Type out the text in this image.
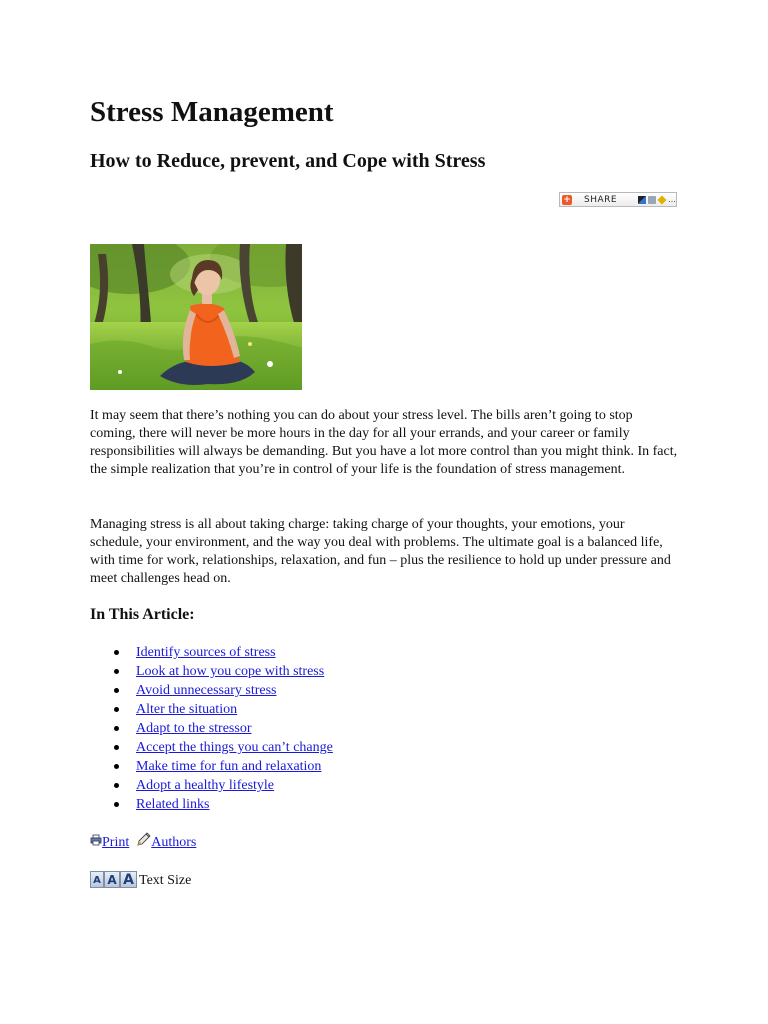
Stress Management
How to Reduce, prevent, and Cope with Stress
+ SHARE	…

It may seem that there’s nothing you can do about your stress level. The bills aren’t going to stop coming, there will never be more hours in the day for all your errands, and your career or family responsibilities will always be demanding. But you have a lot more control than you might think. In fact, the simple realization that you’re in control of your life is the foundation of stress management.

Managing stress is all about taking charge: taking charge of your thoughts, your emotions, your schedule, your environment, and the way you deal with problems. The ultimate goal is a balanced life, with time for work, relationships, relaxation, and fun – plus the resilience to hold up under pressure and meet challenges head on.

In This Article:
Identify sources of stress
Look at how you cope with stress
Avoid unnecessary stress
Alter the situation
Adapt to the stressor
Accept the things you can’t change
Make time for fun and relaxation
Adopt a healthy lifestyle
Related links
Print Authors
A A A Text Size
